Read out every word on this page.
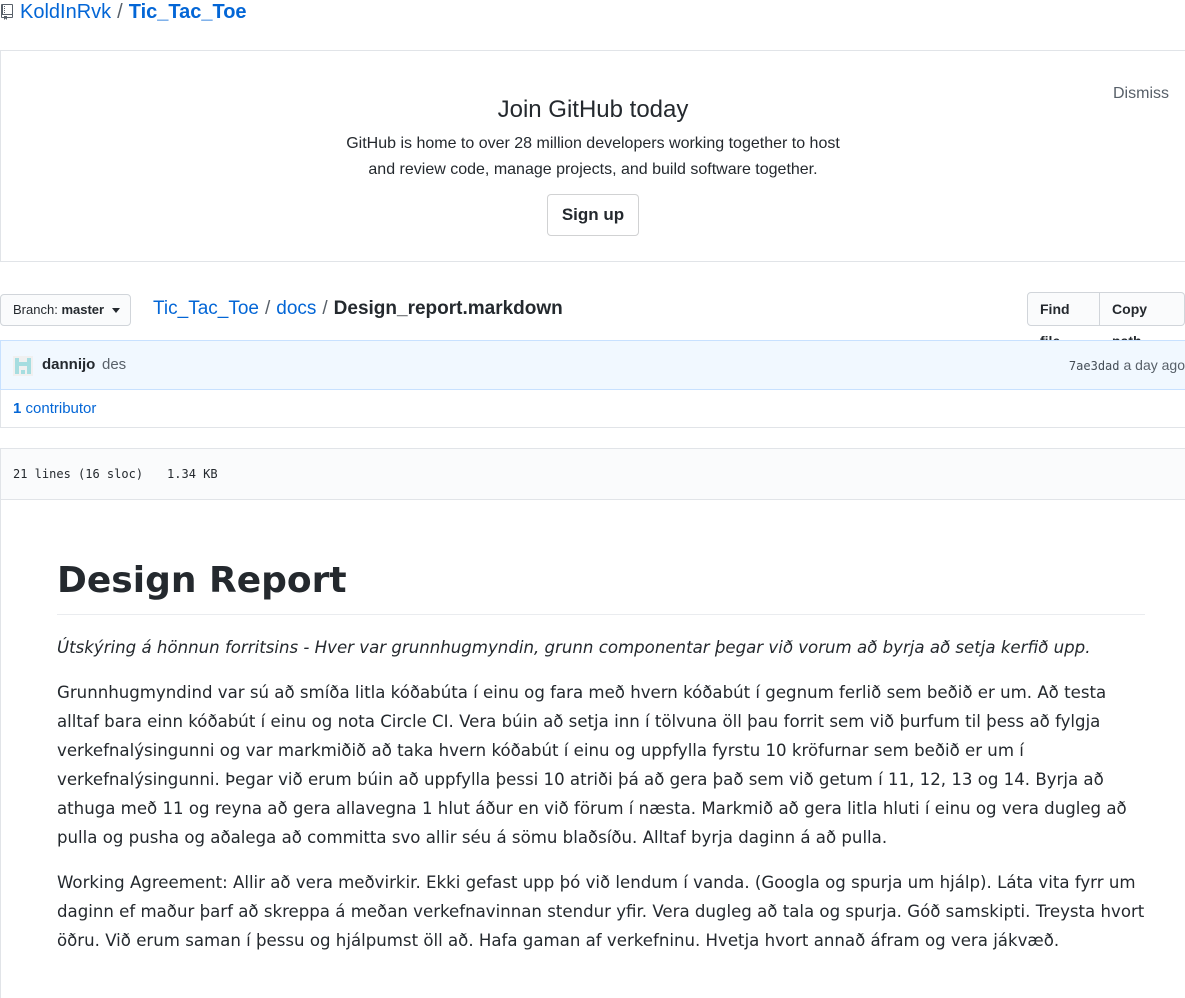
KoldInRvk / Tic_Tac_Toe
Dismiss
Join GitHub today

GitHub is home to over 28 million developers working together to host

and review code, manage projects, and build software together.

Sign up
Branch: master	Tic_Tac_Toe / docs / Design_report.markdown	Find	Copy
dannijo des	7ae3dad a day ago
1 contributor
21 lines (16 sloc) 1.34 KB
Design Report

Útskýring á hönnun forritsins - Hver var grunnhugmyndin, grunn componentar þegar við vorum að byrja að setja kerfið upp.

Grunnhugmyndind var sú að smíða litla kóðabúta í einu og fara með hvern kóðabút í gegnum ferlið sem beðið er um. Að testa alltaf bara einn kóðabút í einu og nota Circle CI. Vera búin að setja inn í tölvuna öll þau forrit sem við þurfum til þess að fylgja verkefnalýsingunni og var markmiðið að taka hvern kóðabút í einu og uppfylla fyrstu 10 kröfurnar sem beðið er um í verkefnalýsingunni. Þegar við erum búin að uppfylla þessi 10 atriði þá að gera það sem við getum í 11, 12, 13 og 14. Byrja að athuga með 11 og reyna að gera allavegna 1 hlut áður en við förum í næsta. Markmið að gera litla hluti í einu og vera dugleg að pulla og pusha og aðalega að committa svo allir séu á sömu blaðsíðu. Alltaf byrja daginn á að pulla.

Working Agreement: Allir að vera meðvirkir. Ekki gefast upp þó við lendum í vanda. (Googla og spurja um hjálp). Láta vita fyrr um daginn ef maður þarf að skreppa á meðan verkefnavinnan stendur yfir. Vera dugleg að tala og spurja. Góð samskipti. Treysta hvort öðru. Við erum saman í þessu og hjálpumst öll að. Hafa gaman af verkefninu. Hvetja hvort annað áfram og vera jákvæð.
